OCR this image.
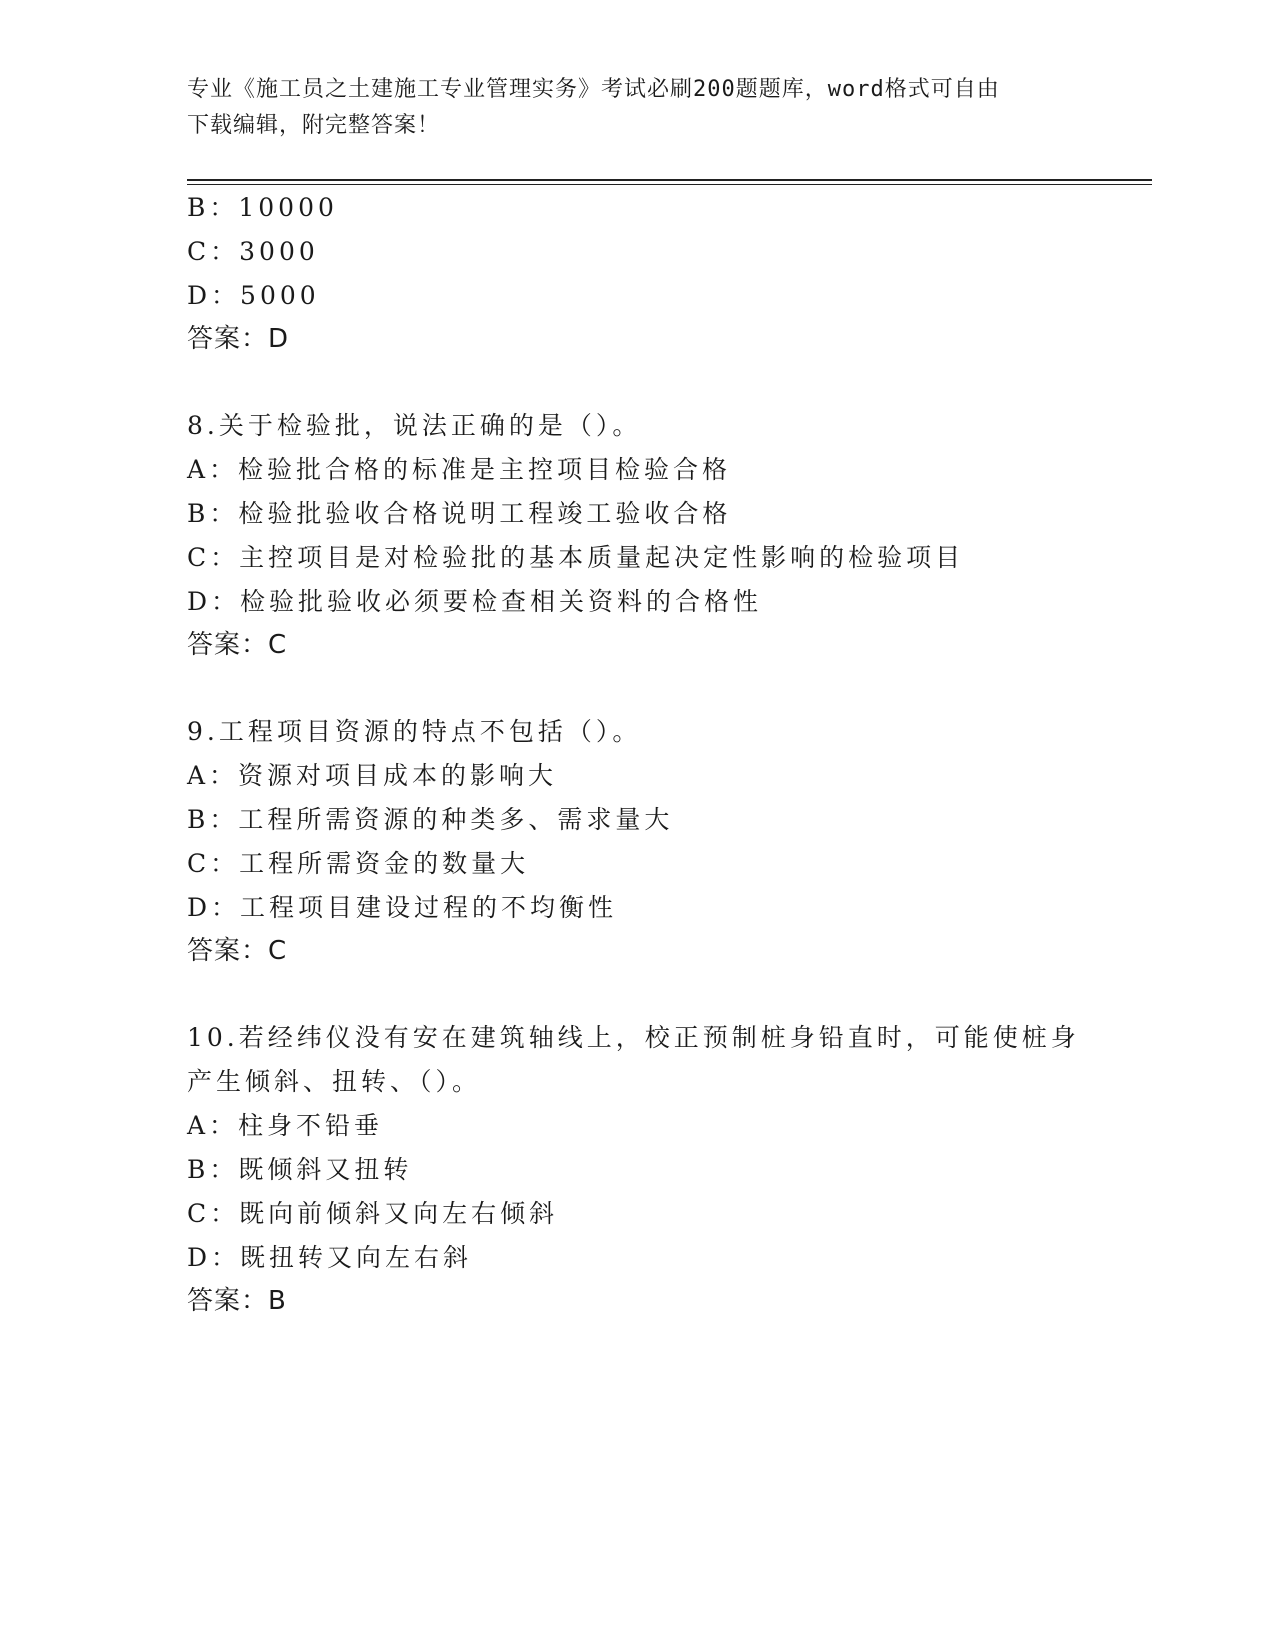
专业《施工员之土建施工专业管理实务》考试必刷200题题库，word格式可自由
下载编辑，附完整答案！
B：10000
C：3000
D：5000
答案：D
8.关于检验批，说法正确的是（）。
A：检验批合格的标准是主控项目检验合格
B：检验批验收合格说明工程竣工验收合格
C：主控项目是对检验批的基本质量起决定性影响的检验项目
D：检验批验收必须要检查相关资料的合格性
答案：C
9.工程项目资源的特点不包括（）。
A：资源对项目成本的影响大
B：工程所需资源的种类多、需求量大
C：工程所需资金的数量大
D：工程项目建设过程的不均衡性
答案：C
10.若经纬仪没有安在建筑轴线上，校正预制桩身铅直时，可能使桩身
产生倾斜、扭转、（）。
A：柱身不铅垂
B：既倾斜又扭转
C：既向前倾斜又向左右倾斜
D：既扭转又向左右斜
答案：B
